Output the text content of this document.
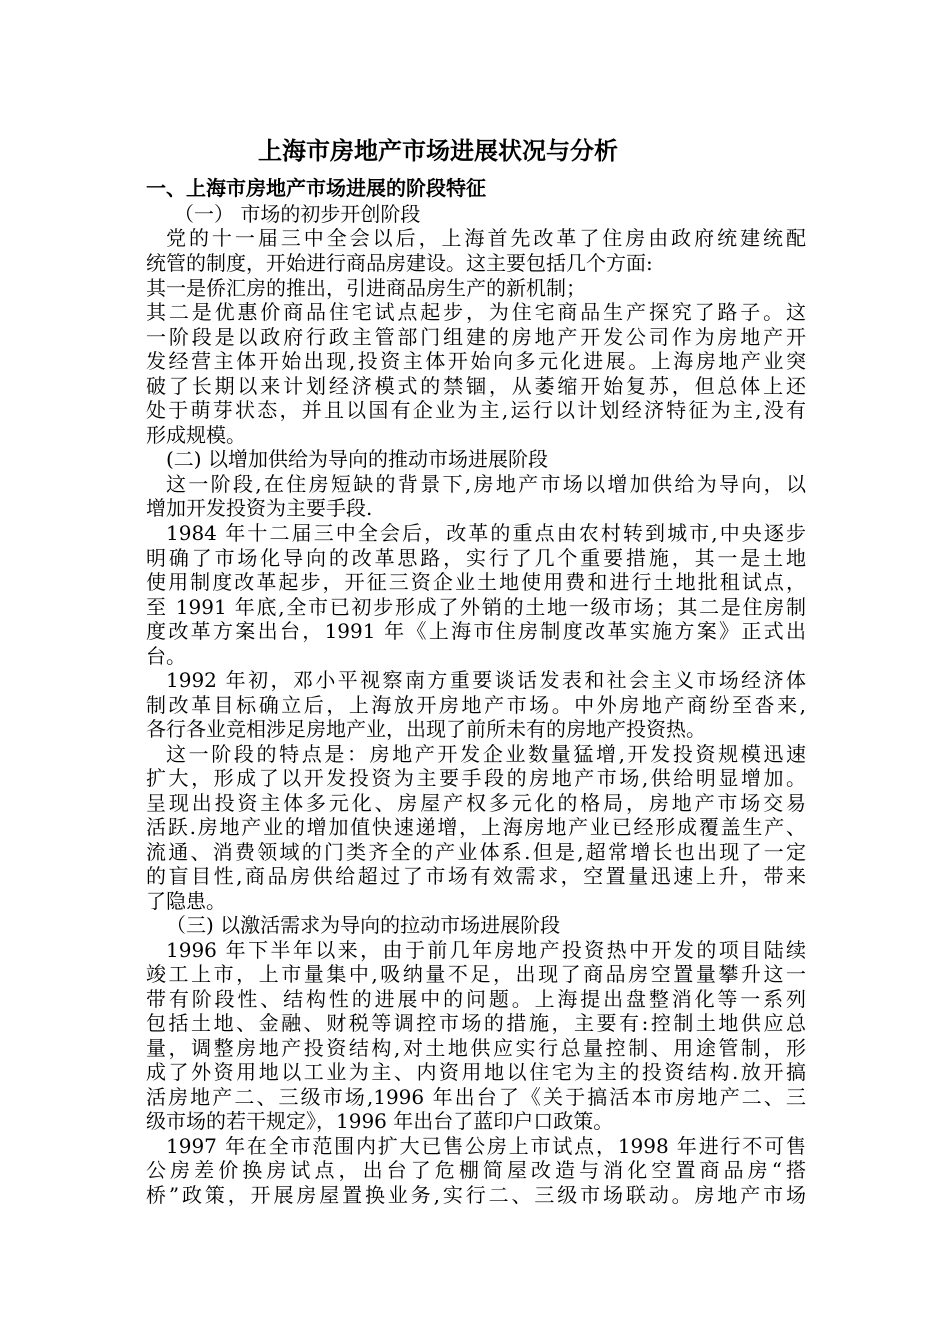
上海市房地产市场进展状况与分析
一、上海市房地产市场进展的阶段特征
（一） 市场的初步开创阶段
党的十一届三中全会以后，上海首先改革了住房由政府统建统配
统管的制度，开始进行商品房建设。这主要包括几个方面:
其一是侨汇房的推出，引进商品房生产的新机制；
其二是优惠价商品住宅试点起步，为住宅商品生产探究了路子。这
一阶段是以政府行政主管部门组建的房地产开发公司作为房地产开
发经营主体开始出现,投资主体开始向多元化进展。上海房地产业突
破了长期以来计划经济模式的禁锢，从萎缩开始复苏，但总体上还
处于萌芽状态，并且以国有企业为主,运行以计划经济特征为主,没有
形成规模。
(二) 以增加供给为导向的推动市场进展阶段
这一阶段,在住房短缺的背景下,房地产市场以增加供给为导向，以
增加开发投资为主要手段.
1984 年十二届三中全会后，改革的重点由农村转到城市,中央逐步
明确了市场化导向的改革思路，实行了几个重要措施，其一是土地
使用制度改革起步，开征三资企业土地使用费和进行土地批租试点，
至 1991 年底,全市已初步形成了外销的土地一级市场；其二是住房制
度改革方案出台，1991 年《上海市住房制度改革实施方案》正式出
台。
1992 年初，邓小平视察南方重要谈话发表和社会主义市场经济体
制改革目标确立后，上海放开房地产市场。中外房地产商纷至沓来,
各行各业竞相涉足房地产业，出现了前所未有的房地产投资热。
这一阶段的特点是：房地产开发企业数量猛增,开发投资规模迅速
扩大，形成了以开发投资为主要手段的房地产市场,供给明显增加。
呈现出投资主体多元化、房屋产权多元化的格局，房地产市场交易
活跃.房地产业的增加值快速递增，上海房地产业已经形成覆盖生产、
流通、消费领域的门类齐全的产业体系.但是,超常增长也出现了一定
的盲目性,商品房供给超过了市场有效需求，空置量迅速上升，带来
了隐患。
（三) 以激活需求为导向的拉动市场进展阶段
1996 年下半年以来，由于前几年房地产投资热中开发的项目陆续
竣工上市，上市量集中,吸纳量不足，出现了商品房空置量攀升这一
带有阶段性、结构性的进展中的问题。上海提出盘整消化等一系列
包括土地、金融、财税等调控市场的措施，主要有:控制土地供应总
量，调整房地产投资结构,对土地供应实行总量控制、用途管制，形
成了外资用地以工业为主、内资用地以住宅为主的投资结构.放开搞
活房地产二、三级市场,1996 年出台了《关于搞活本市房地产二、三
级市场的若干规定》，1996 年出台了蓝印户口政策。
1997 年在全市范围内扩大已售公房上市试点，1998 年进行不可售
公房差价换房试点，出台了危棚简屋改造与消化空置商品房“搭
桥”政策，开展房屋置换业务,实行二、三级市场联动。房地产市场
